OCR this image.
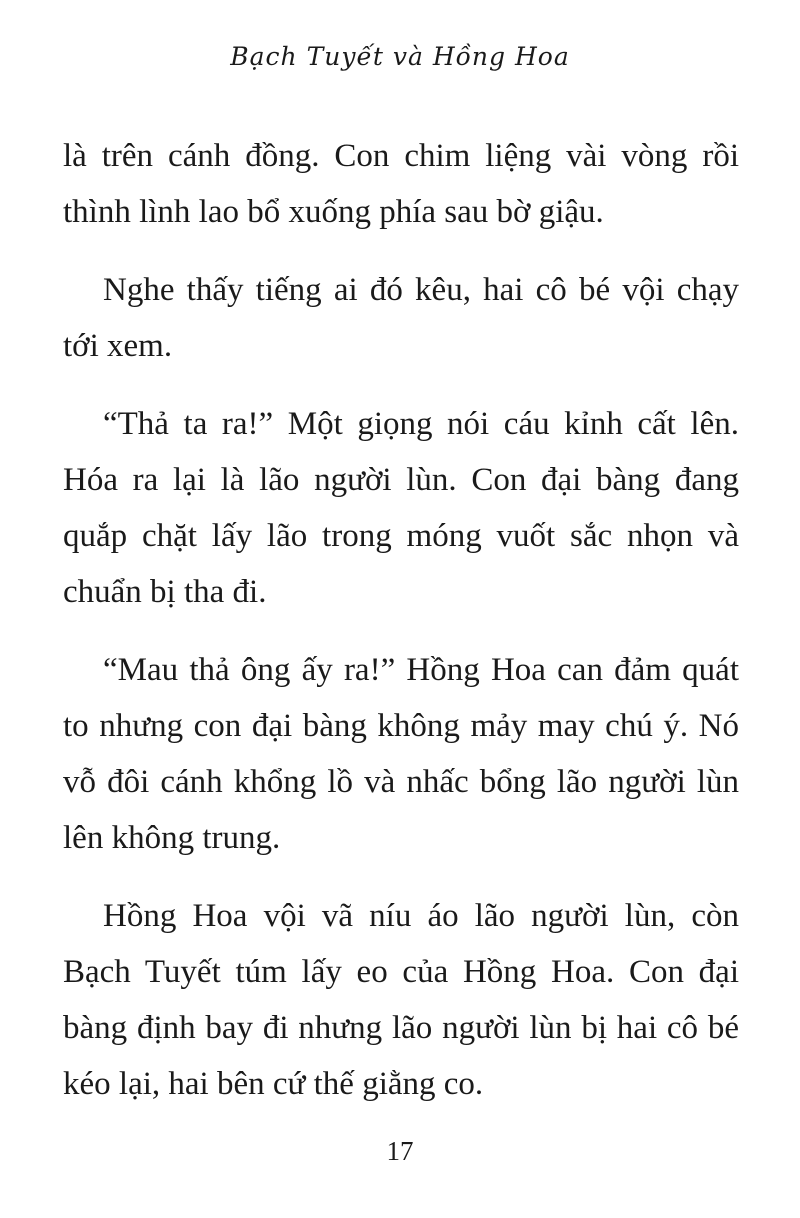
Bạch Tuyết và Hồng Hoa

là trên cánh đồng. Con chim liệng vài vòng rồi thình lình lao bổ xuống phía sau bờ giậu.

Nghe thấy tiếng ai đó kêu, hai cô bé vội chạy tới xem.

“Thả ta ra!” Một giọng nói cáu kỉnh cất lên. Hóa ra lại là lão người lùn. Con đại bàng đang quắp chặt lấy lão trong móng vuốt sắc nhọn và chuẩn bị tha đi.

“Mau thả ông ấy ra!” Hồng Hoa can đảm quát to nhưng con đại bàng không mảy may chú ý. Nó vỗ đôi cánh khổng lồ và nhấc bổng lão người lùn lên không trung.

Hồng Hoa vội vã níu áo lão người lùn, còn Bạch Tuyết túm lấy eo của Hồng Hoa. Con đại bàng định bay đi nhưng lão người lùn bị hai cô bé kéo lại, hai bên cứ thế giằng co.

17
